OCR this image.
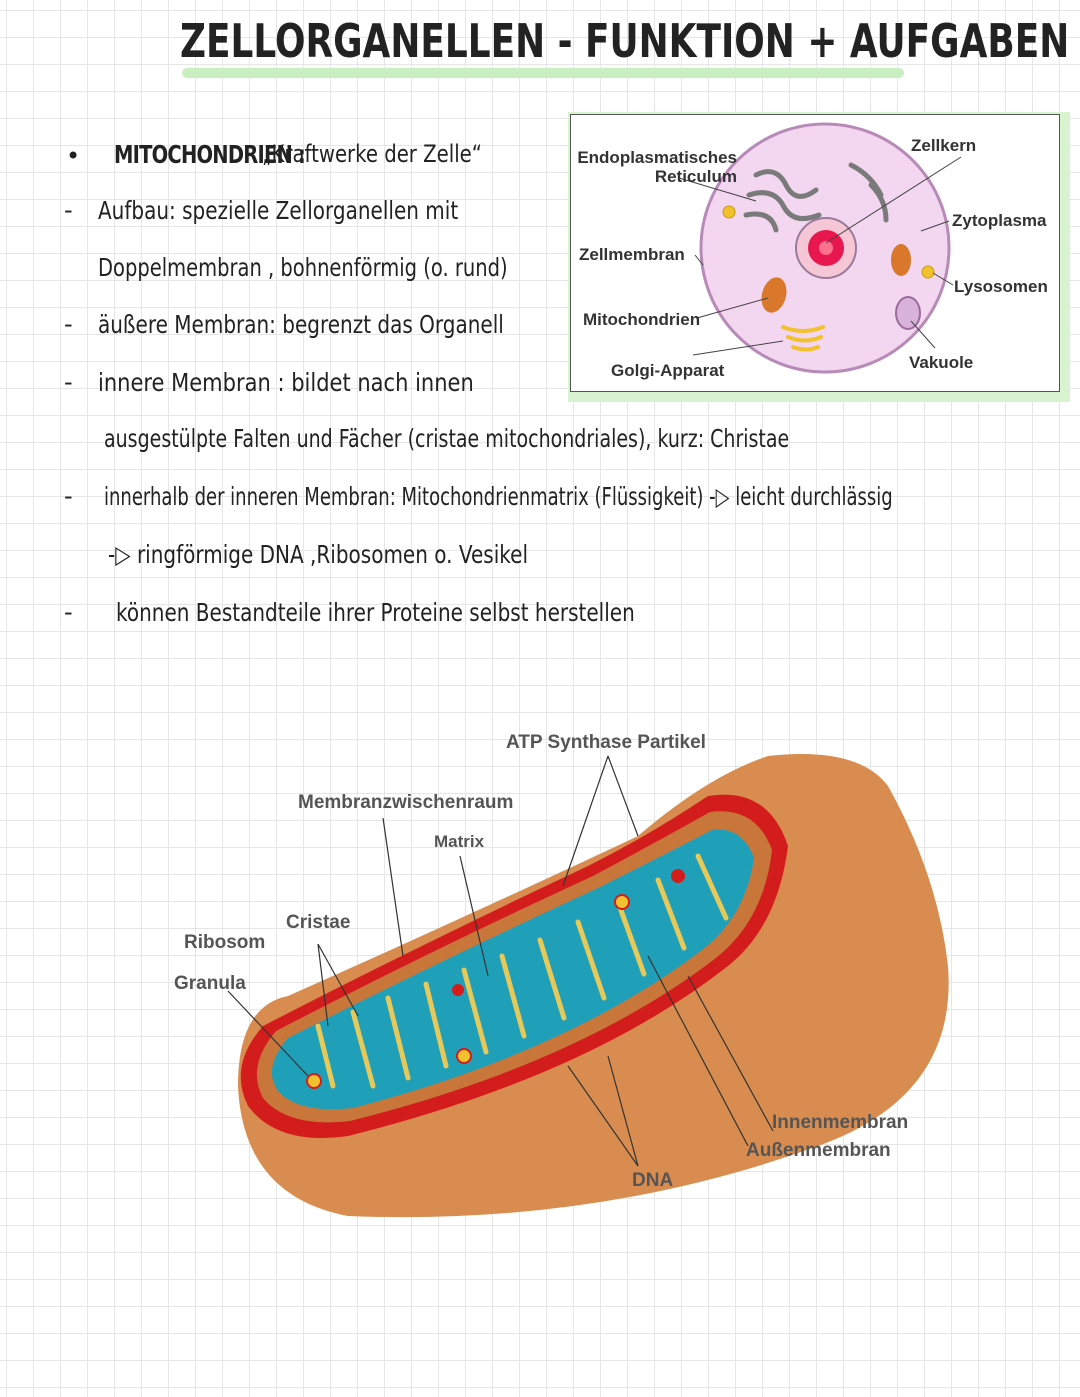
ZELLORGANELLEN - FUNKTION + AUFGABEN
• MITOCHONDRIEN :
„Kraftwerke der Zelle“
- Aufbau: spezielle Zellorganellen mit
Doppelmembran , bohnenförmig (o. rund)
- äußere Membran: begrenzt das Organell
- innere Membran : bildet nach innen
ausgestülpte Falten und Fächer (cristae mitochondriales), kurz: Christae
- innerhalb der inneren Membran: Mitochondrienmatrix (Flüssigkeit) -▷ leicht durchlässig
-▷ ringförmige DNA ,Ribosomen o. Vesikel
- können Bestandteile ihrer Proteine selbst herstellen
Endoplasmatisches
Reticulum
Zellkern
Zytoplasma
Zellmembran
Lysosomen
Mitochondrien
Golgi-Apparat	Vakuole
ATP Synthase Partikel
Membranzwischenraum
Matrix
Cristae
Ribosom
Granula
Innenmembran
Außenmembran
DNA
